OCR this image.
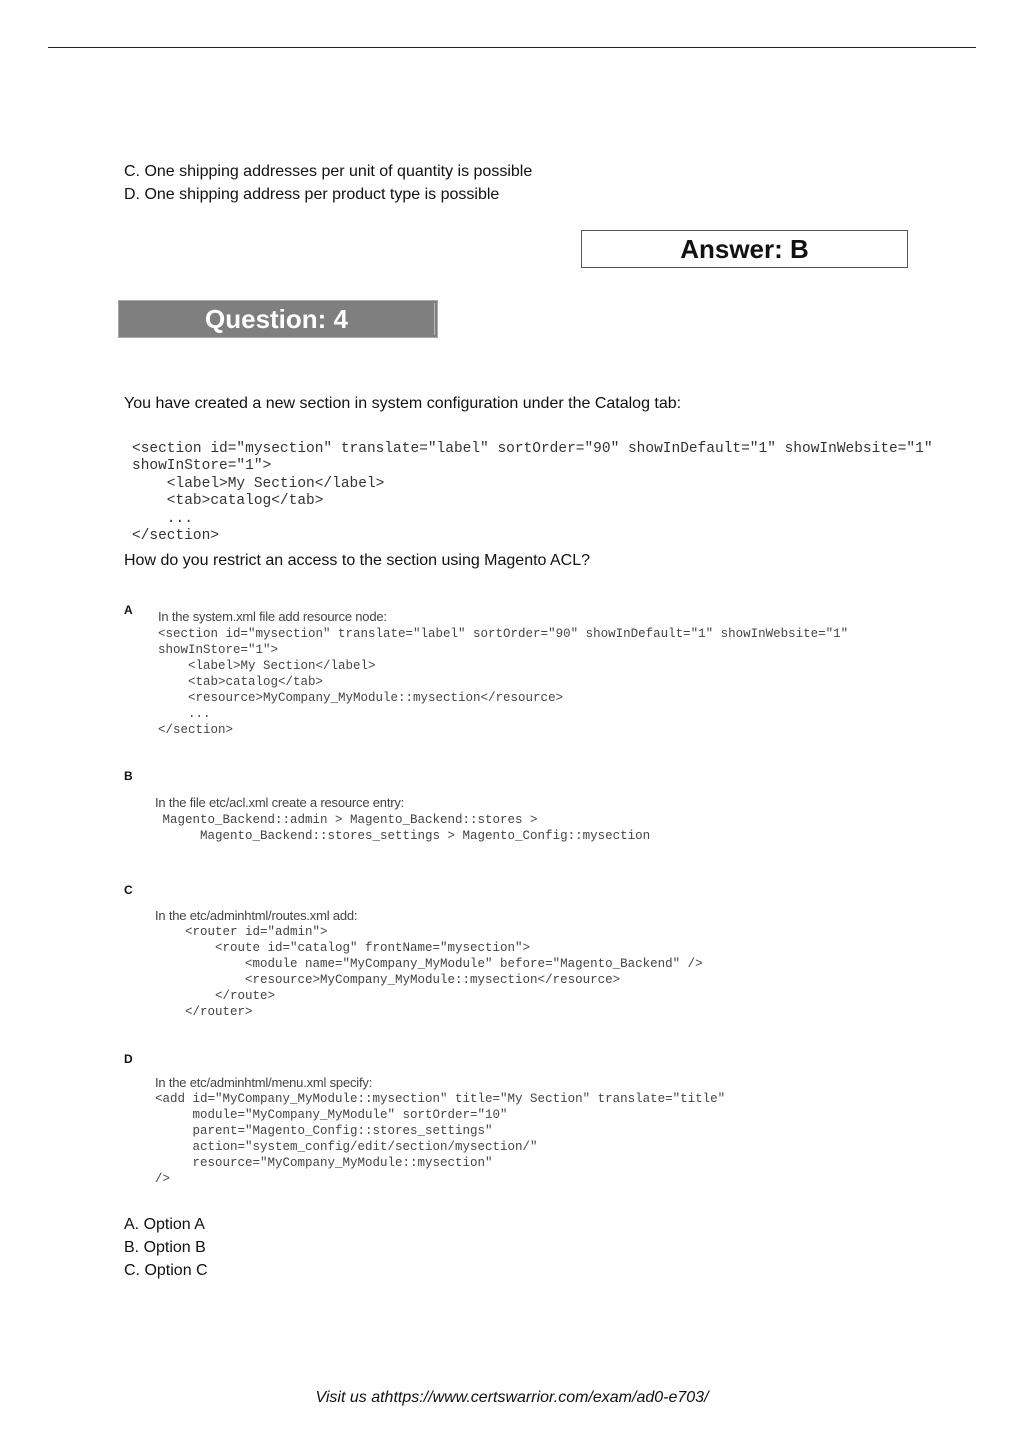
C. One shipping addresses per unit of quantity is possible
D. One shipping address per product type is possible
Answer: B
Question: 4
You have created a new section in system configuration under the Catalog tab:
<section id="mysection" translate="label" sortOrder="90" showInDefault="1" showInWebsite="1"
showInStore="1">
<label>My Section</label>
<tab>catalog</tab>
...
</section>
How do you restrict an access to the section using Magento ACL?
A In the system.xml file add resource node:
<section id="mysection" translate="label" sortOrder="90" showInDefault="1" showInWebsite="1"
showInStore="1">
<label>My Section</label>
<tab>catalog</tab>
<resource>MyCompany_MyModule::mysection</resource>
...
</section>
B
In the file etc/acl.xml create a resource entry:
Magento_Backend::admin > Magento_Backend::stores >
Magento_Backend::stores_settings > Magento_Config::mysection
C
In the etc/adminhtml/routes.xml add:
<router id="admin">
<route id="catalog" frontName="mysection">
<module name="MyCompany_MyModule" before="Magento_Backend" />
<resource>MyCompany_MyModule::mysection</resource>
</route>
</router>
D
In the etc/adminhtml/menu.xml specify:
<add id="MyCompany_MyModule::mysection" title="My Section" translate="title"
module="MyCompany_MyModule" sortOrder="10"
parent="Magento_Config::stores_settings"
action="system_config/edit/section/mysection/"
resource="MyCompany_MyModule::mysection"
/>
A. Option A
B. Option B
C. Option C
Visit us athttps://www.certswarrior.com/exam/ad0-e703/
